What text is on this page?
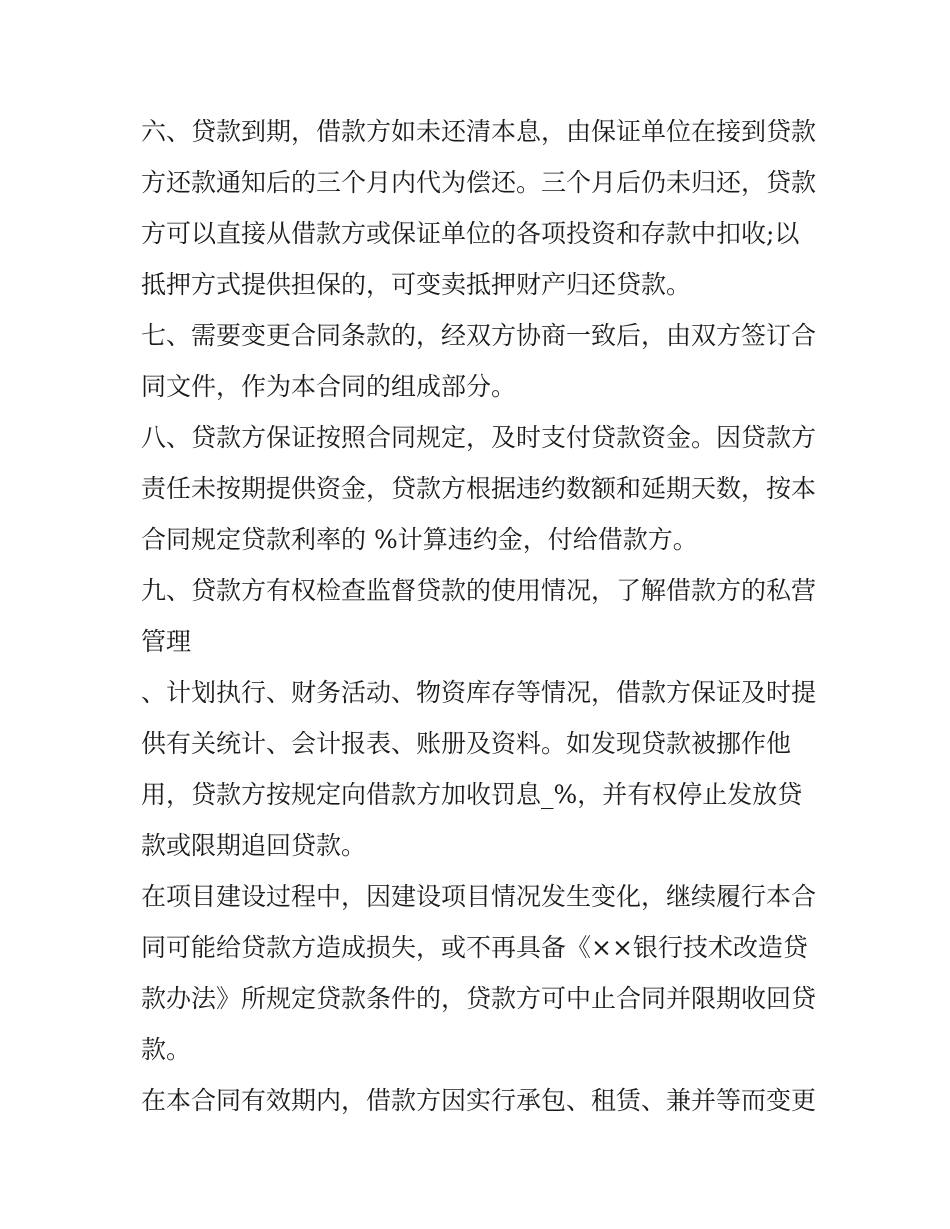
六、贷款到期，借款方如未还清本息，由保证单位在接到贷款
方还款通知后的三个月内代为偿还。三个月后仍未归还，贷款
方可以直接从借款方或保证单位的各项投资和存款中扣收;以
抵押方式提供担保的，可变卖抵押财产归还贷款。
七、需要变更合同条款的，经双方协商一致后，由双方签订合
同文件，作为本合同的组成部分。
八、贷款方保证按照合同规定，及时支付贷款资金。因贷款方
责任未按期提供资金，贷款方根据违约数额和延期天数，按本
合同规定贷款利率的 %计算违约金，付给借款方。
九、贷款方有权检查监督贷款的使用情况，了解借款方的私营
管理
、计划执行、财务活动、物资库存等情况，借款方保证及时提
供有关统计、会计报表、账册及资料。如发现贷款被挪作他
用，贷款方按规定向借款方加收罚息_%，并有权停止发放贷
款或限期追回贷款。
在项目建设过程中，因建设项目情况发生变化，继续履行本合
同可能给贷款方造成损失，或不再具备《××银行技术改造贷
款办法》所规定贷款条件的，贷款方可中止合同并限期收回贷
款。
在本合同有效期内，借款方因实行承包、租赁、兼并等而变更
